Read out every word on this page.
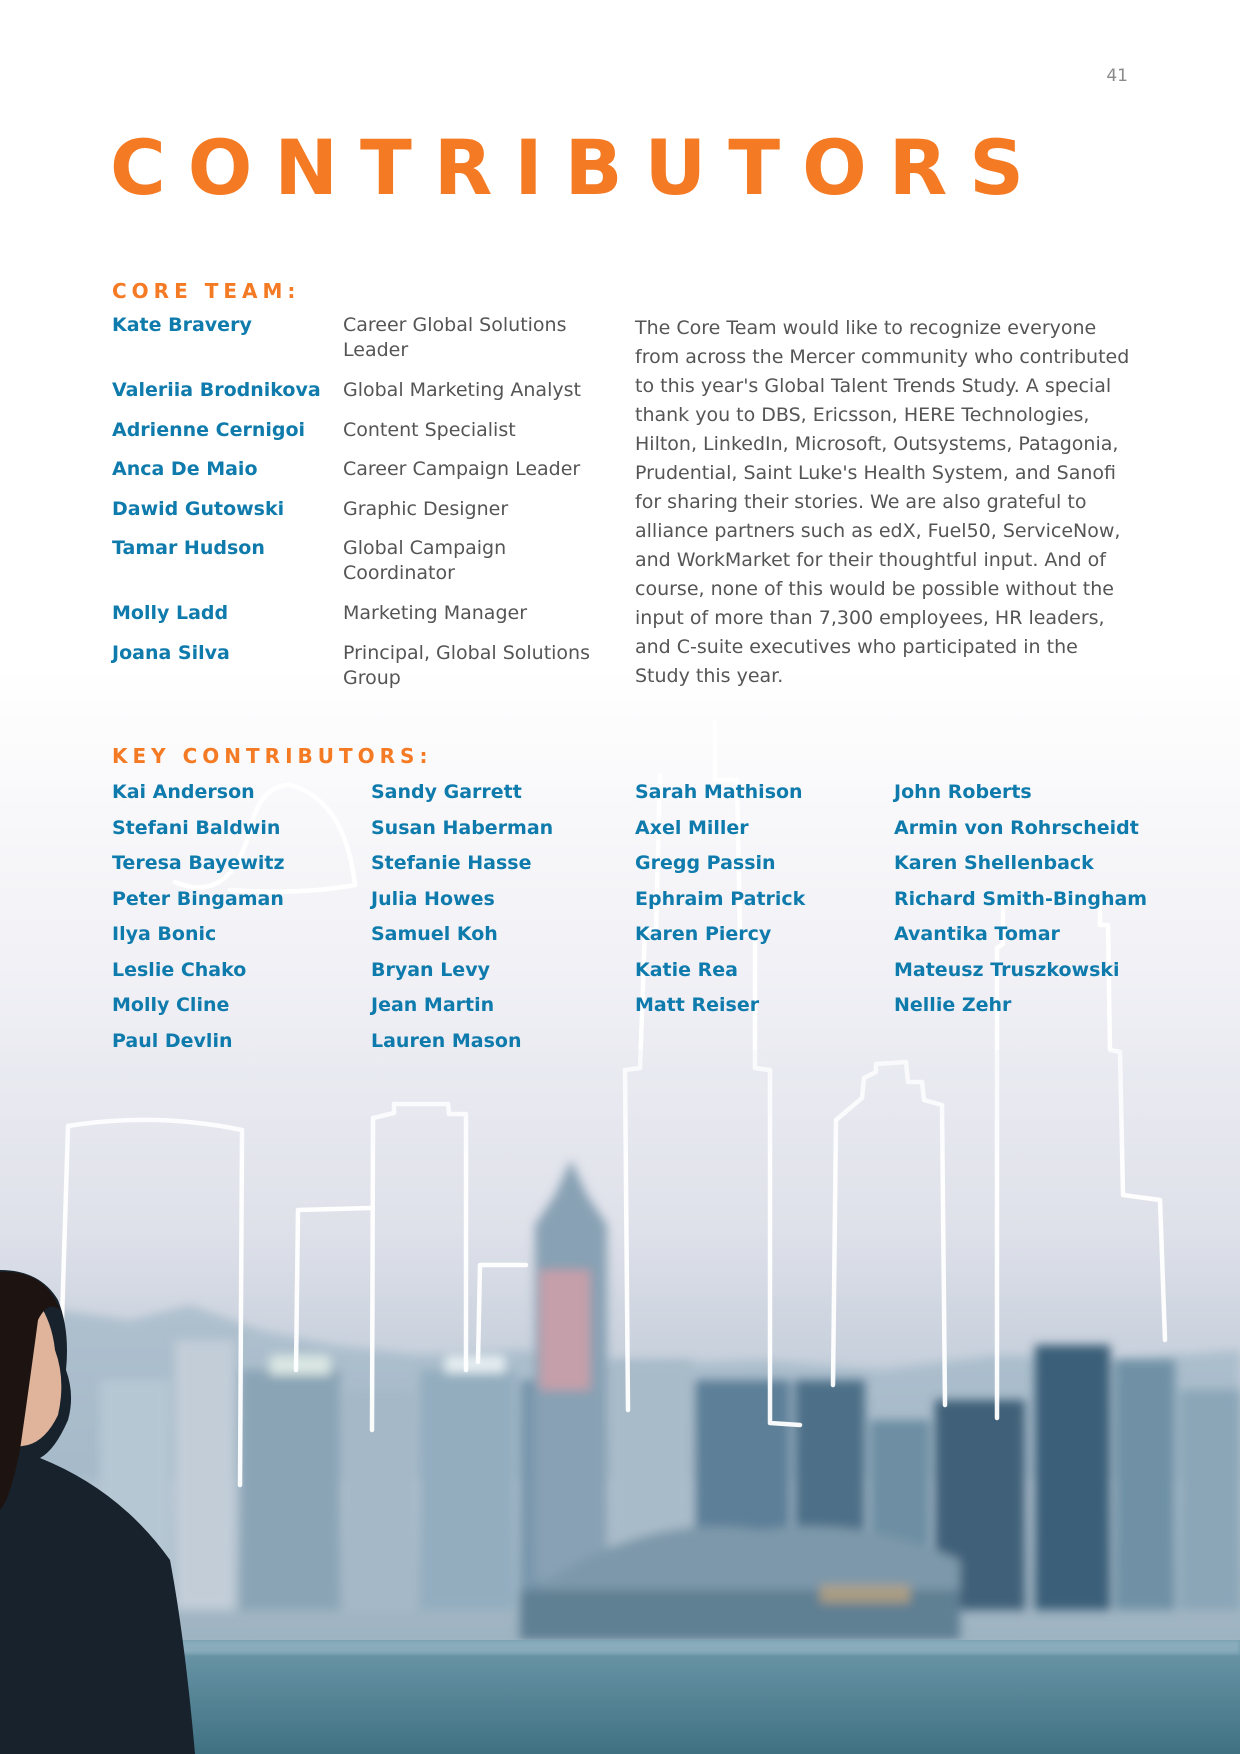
41
CONTRIBUTORS
CORE TEAM:
Kate Bravery	Career Global Solutions Leader
Valeriia Brodnikova	Global Marketing Analyst
Adrienne Cernigoi	Content Specialist
Anca De Maio	Career Campaign Leader
Dawid Gutowski	Graphic Designer
Tamar Hudson	Global Campaign Coordinator
Molly Ladd	Marketing Manager
Joana Silva	Principal, Global Solutions Group

The Core Team would like to recognize everyone from across the Mercer community who contributed to this year's Global Talent Trends Study. A special thank you to DBS, Ericsson, HERE Technologies, Hilton, LinkedIn, Microsoft, Outsystems, Patagonia, Prudential, Saint Luke's Health System, and Sanofi for sharing their stories. We are also grateful to alliance partners such as edX, Fuel50, ServiceNow, and WorkMarket for their thoughtful input. And of course, none of this would be possible without the input of more than 7,300 employees, HR leaders, and C-suite executives who participated in the Study this year.

KEY CONTRIBUTORS:
Kai Anderson
Stefani Baldwin
Teresa Bayewitz
Peter Bingaman
Ilya Bonic
Leslie Chako
Molly Cline
Paul Devlin
Sandy Garrett
Susan Haberman
Stefanie Hasse
Julia Howes
Samuel Koh
Bryan Levy
Jean Martin
Lauren Mason
Sarah Mathison
Axel Miller
Gregg Passin
Ephraim Patrick
Karen Piercy
Katie Rea
Matt Reiser
John Roberts
Armin von Rohrscheidt
Karen Shellenback
Richard Smith-Bingham
Avantika Tomar
Mateusz Truszkowski
Nellie Zehr
